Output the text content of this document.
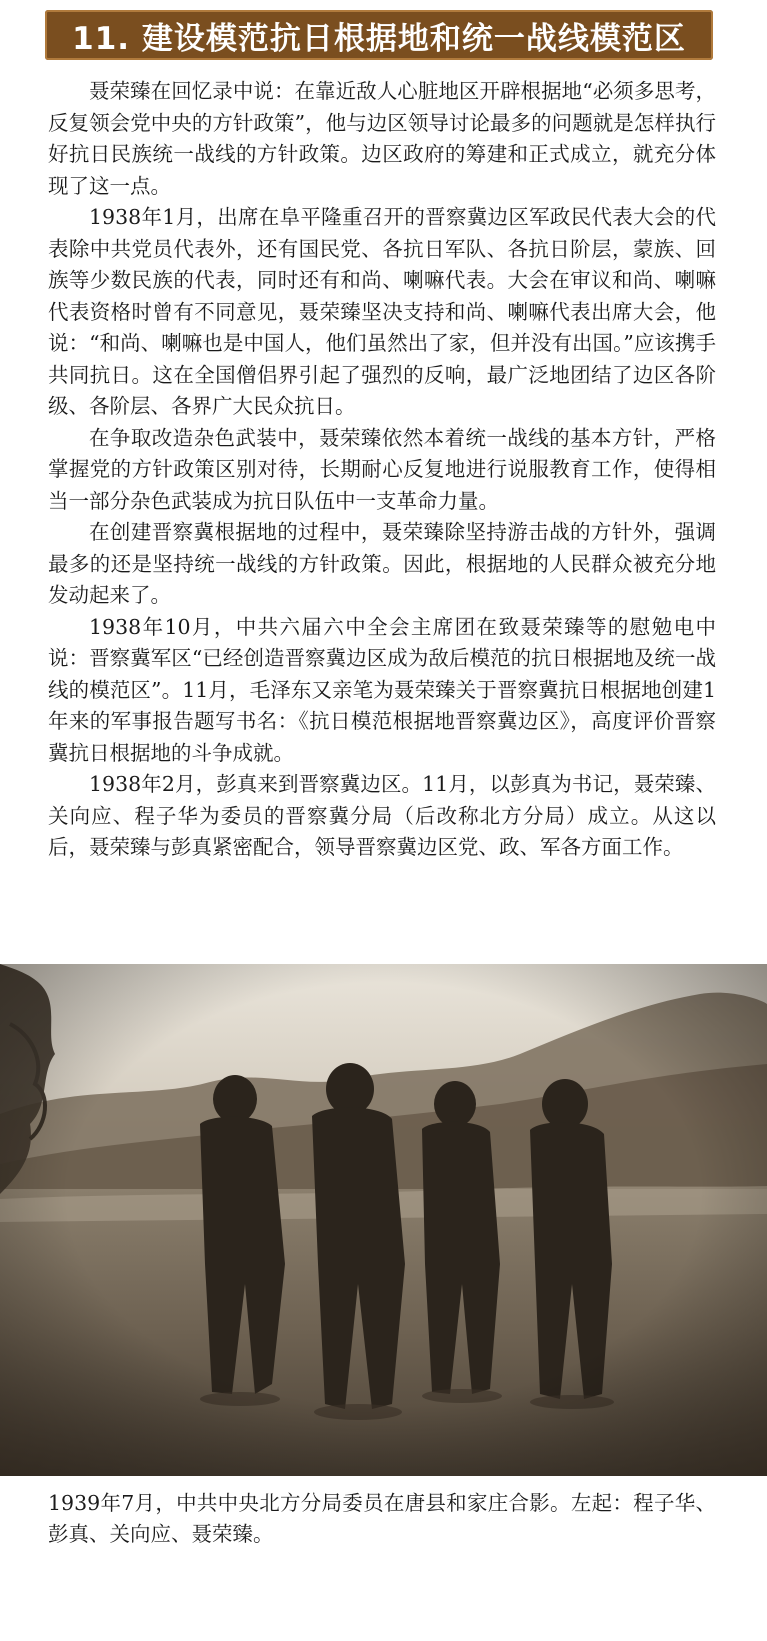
11. 建设模范抗日根据地和统一战线模范区

聂荣臻在回忆录中说：在靠近敌人心脏地区开辟根据地“必须多思考，反复领会党中央的方针政策”，他与边区领导讨论最多的问题就是怎样执行好抗日民族统一战线的方针政策。边区政府的筹建和正式成立，就充分体现了这一点。

1938年1月，出席在阜平隆重召开的晋察冀边区军政民代表大会的代表除中共党员代表外，还有国民党、各抗日军队、各抗日阶层，蒙族、回族等少数民族的代表，同时还有和尚、喇嘛代表。大会在审议和尚、喇嘛代表资格时曾有不同意见，聂荣臻坚决支持和尚、喇嘛代表出席大会，他说：“和尚、喇嘛也是中国人，他们虽然出了家，但并没有出国。”应该携手共同抗日。这在全国僧侣界引起了强烈的反响，最广泛地团结了边区各阶级、各阶层、各界广大民众抗日。

在争取改造杂色武装中，聂荣臻依然本着统一战线的基本方针，严格掌握党的方针政策区别对待，长期耐心反复地进行说服教育工作，使得相当一部分杂色武装成为抗日队伍中一支革命力量。

在创建晋察冀根据地的过程中，聂荣臻除坚持游击战的方针外，强调最多的还是坚持统一战线的方针政策。因此，根据地的人民群众被充分地发动起来了。

1938年10月，中共六届六中全会主席团在致聂荣臻等的慰勉电中说：晋察冀军区“已经创造晋察冀边区成为敌后模范的抗日根据地及统一战线的模范区”。11月，毛泽东又亲笔为聂荣臻关于晋察冀抗日根据地创建1年来的军事报告题写书名：《抗日模范根据地晋察冀边区》，高度评价晋察冀抗日根据地的斗争成就。

1938年2月，彭真来到晋察冀边区。11月，以彭真为书记，聂荣臻、关向应、程子华为委员的晋察冀分局（后改称北方分局）成立。从这以后，聂荣臻与彭真紧密配合，领导晋察冀边区党、政、军各方面工作。

1939年7月，中共中央北方分局委员在唐县和家庄合影。左起：程子华、彭真、关向应、聂荣臻。
